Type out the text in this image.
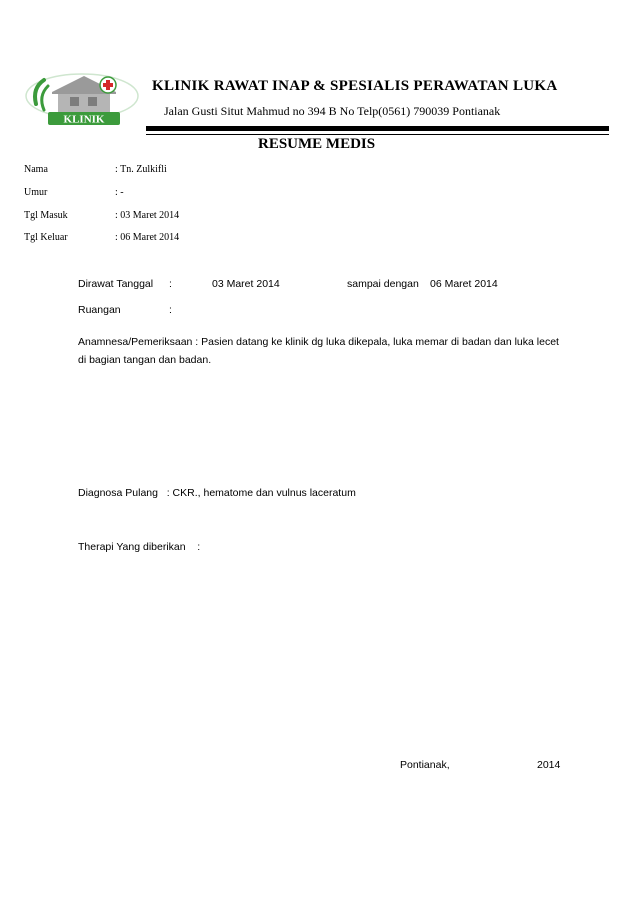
KLINIK
KLINIK RAWAT INAP & SPESIALIS PERAWATAN LUKA
Jalan Gusti Situt Mahmud no 394 B No Telp(0561) 790039 Pontianak
RESUME MEDIS
Nama	: Tn. Zulkifli
Umur	: -
Tgl Masuk	: 03 Maret 2014
Tgl Keluar	: 06 Maret 2014
Dirawat Tanggal :	03 Maret 2014	sampai dengan 06 Maret 2014
Ruangan	:
Anamnesa/Pemeriksaan : Pasien datang ke klinik dg luka dikepala, luka memar di badan dan luka lecet di bagian tangan dan badan.
Diagnosa Pulang   : CKR., hematome dan vulnus laceratum
Therapi Yang diberikan    :
Pontianak,	2014
